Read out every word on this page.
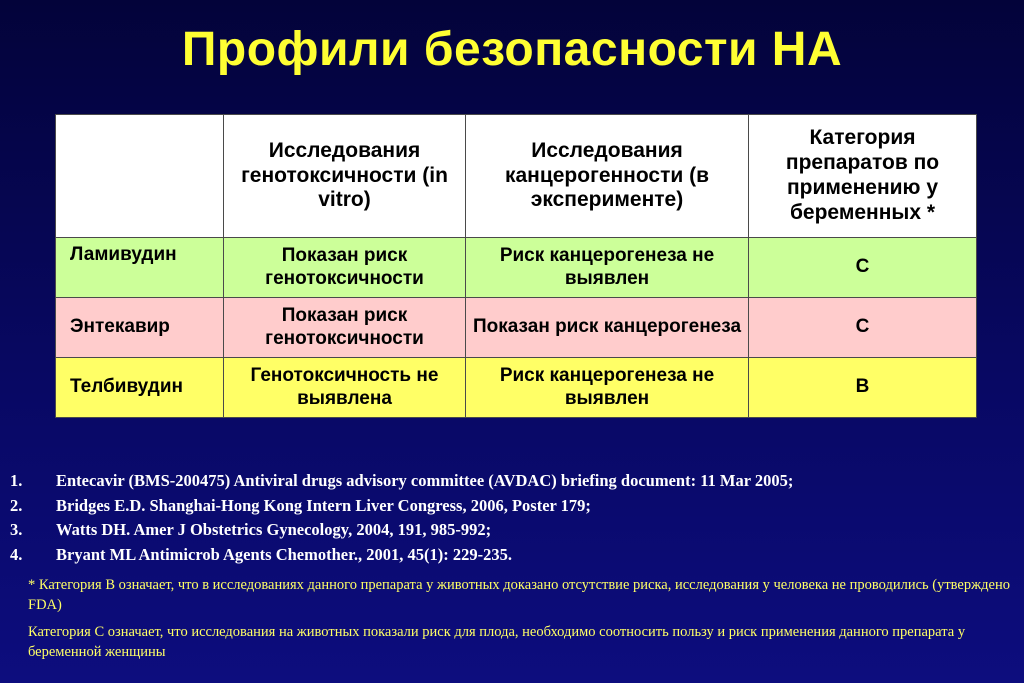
Профили безопасности НА
	Исследования генотоксичности (in vitro)	Исследования канцерогенности (в эксперименте)	Категория препаратов по применению у беременных *
Ламивудин	Показан риск генотоксичности	Риск канцерогенеза не выявлен	С
Энтекавир	Показан риск генотоксичности	Показан риск канцерогенеза	С
Телбивудин	Генотоксичность не выявлена	Риск канцерогенеза не выявлен	В
1. Entecavir (BMS-200475) Antiviral drugs advisory committee (AVDAC) briefing document: 11 Mar 2005;
2. Bridges E.D. Shanghai-Hong Kong Intern Liver Congress, 2006, Poster 179;
3. Watts DH. Amer J Obstetrics Gynecology, 2004, 191, 985-992;
4. Bryant ML Antimicrob Agents Chemother., 2001, 45(1): 229-235.
* Категория В означает, что в исследованиях данного препарата у животных доказано отсутствие риска, исследования у человека не проводились (утверждено FDA)
Категория С означает, что исследования на животных показали риск для плода, необходимо соотносить пользу и риск применения данного препарата у беременной женщины
